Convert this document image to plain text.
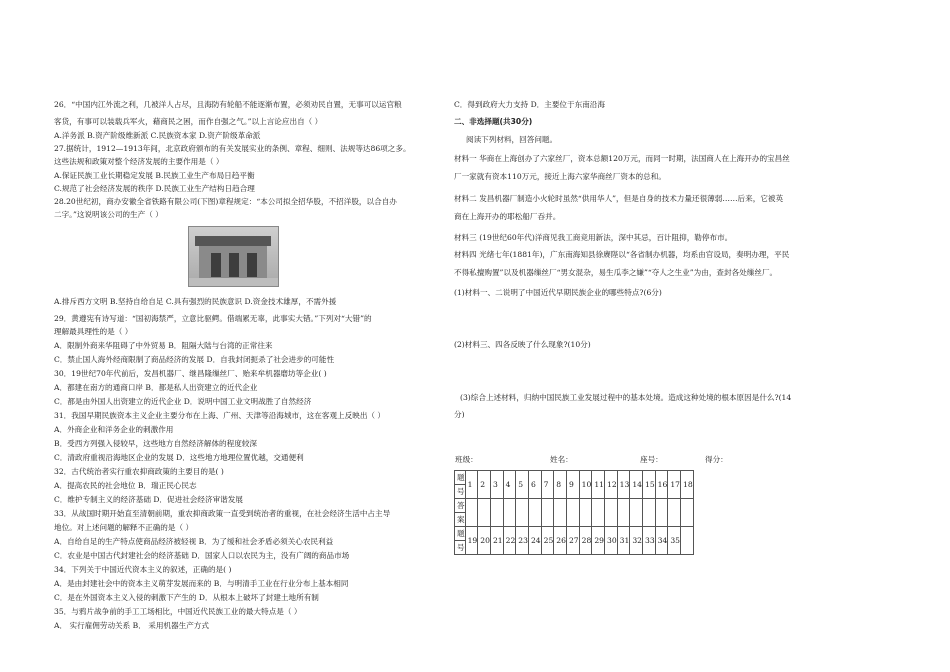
26．“中国内江外流之利，几被洋人占尽，且海防有轮船不能逐渐布置，必须劝民自置，无事可以运官粮
客货，有事可以装载兵军火，藉商民之困，而作自强之气。”以上言论应出自（ ）
A.洋务派 B.资产阶级维新派 C.民族资本家 D.资产阶级革命派
27.据统计，1912—1913年间，北京政府颁布的有关发展实业的条例、章程、细则、法规等达86项之多。
这些法规和政策对整个经济发展的主要作用是（ ）
A.保证民族工业长期稳定发展 B.民族工业生产布局日趋平衡
C.规范了社会经济发展的秩序 D.民族工业生产结构日趋合理
28.20世纪初，商办安徽全省铁路有限公司(下图)章程规定：“本公司拟全招华股，不招洋股，以合自办
二字。”这说明该公司的生产（ ）
A.排斥西方文明 B.坚持自给自足 C.具有强烈的民族意识 D.资金技术雄厚，不需外援
29．黄遵宪有诗写道：“国初海禁严，立意比驱鳄。借端累无辜，此事实大错。”下列对“大错”的
理解最具理性的是（ ）
A．限制外商来华阻碍了中外贸易 B．阻隔大陆与台湾的正常往来
C．禁止国人海外经商限制了商品经济的发展 D．自我封闭扼杀了社会进步的可能性
30．19世纪70年代前后，发昌机器厂、继昌隆缫丝厂、贻来牟机器磨坊等企业( )
A．都建在南方的通商口岸 B．都是私人出资建立的近代企业
C．都是由外国人出资建立的近代企业 D．说明中国工业文明战胜了自然经济
31．我国早期民族资本主义企业主要分布在上海、广州、天津等沿海城市，这在客观上反映出（ ）
A．外商企业和洋务企业的刺激作用
B．受西方列强入侵较早，这些地方自然经济解体的程度较深
C．清政府重视沿海地区企业的发展 D．这些地方地理位置优越，交通便利
32．古代统治者实行重农抑商政策的主要目的是( )
A．提高农民的社会地位 B．瑞正民心民志
C．维护专制主义的经济基础 D．促进社会经济审谐发展
33．从战国时期开始直至清朝前期，重农抑商政策一直受到统治者的重视，在社会经济生活中占主导
地位。对上述问题的解释不正确的是（ ）
A．自给自足的生产特点使商品经济被轻视 B．为了缓和社会矛盾必须关心农民利益
C．农业是中国古代封建社会的经济基础 D．国家人口以农民为主，没有广阔的商品市场
34．下列关于中国近代资本主义的叙述，正确的是( )
A．是由封建社会中的资本主义萌芽发展而来的 B．与明清手工业在行业分布上基本相同
C．是在外国资本主义入侵的刺激下产生的 D．从根本上破坏了封建土地所有制
35．与鸦片战争前的手工工场相比，中国近代民族工业的最大特点是（ ）
A． 实行雇佣劳动关系 B． 采用机器生产方式
C．得到政府大力支持 D．主要位于东南沿海
二、非选择题(共30分)
阅读下列材料，回答问题。
材料一 华商在上海创办了六家丝厂，资本总额120万元，而同一时期，法国商人在上海开办的宝昌丝
厂一家就有资本110万元，接近上海六家华商丝厂资本的总和。
材料二 发昌机器厂制造小火轮时虽然“供用华人”，但是自身的技术力量还很薄弱……后来，它被英
商在上海开办的耶松船厂吞并。
材料三 (19世纪60年代)洋商见我工商竞用新法，深中其忌，百计阻抑，勒停布市。
材料四 光绪七年(1881年)，广东南海知县徐赓陛以“各省制办机器，均系由官设局，奏明办理，平民
不得私擅购置”以及机器缫丝厂“男女混杂，易生瓜李之嫌”“夺人之生业”为由，查封各处缫丝厂。
(1)材料一、二说明了中国近代早期民族企业的哪些特点?(6分)
(2)材料三、四各反映了什么现象?(10分)
(3)综合上述材料，归纳中国民族工业发展过程中的基本处境。造成这种处境的根本原因是什么?(14
分)
班级：	姓名：	座号：	得分：
题	1	2	3	4	5	6	7	8	9	10	11	12	13	14	15	16	17	18
号																		
答																		
案																		
题	19	20	21	22	23	24	25	26	27	28	29	30	31	32	33	34	35	
号																		
